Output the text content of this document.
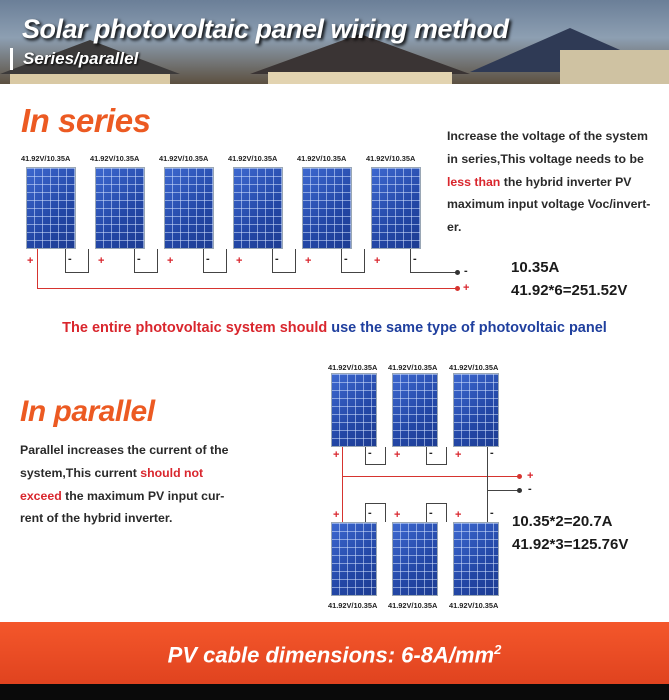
Solar photovoltaic panel wiring method
Series/parallel
In series	Increase the voltage of the system
in series,This voltage needs to be
less than the hybrid inverter PV
maximum input voltage Voc/invert-
er.
41.92V/10.35A	41.92V/10.35A	41.92V/10.35A	41.92V/10.35A	41.92V/10.35A	41.92V/10.35A
+	- +	- +	- +	- +	- +	-
-
+
10.35A
41.92*6=251.52V
The entire photovoltaic system should use the same type of photovoltaic panel
In parallel
Parallel increases the current of the
system,This current should not
exceed the maximum PV input cur-
rent of the hybrid inverter.
41.92V/10.35A 41.92V/10.35A 41.92V/10.35A
41.92V/10.35A 41.92V/10.35A 41.92V/10.35A
+	- +	- +	-
+	- +	- +	-
+
-
10.35*2=20.7A
41.92*3=125.76V
PV cable dimensions: $6-8A/mm^2$
